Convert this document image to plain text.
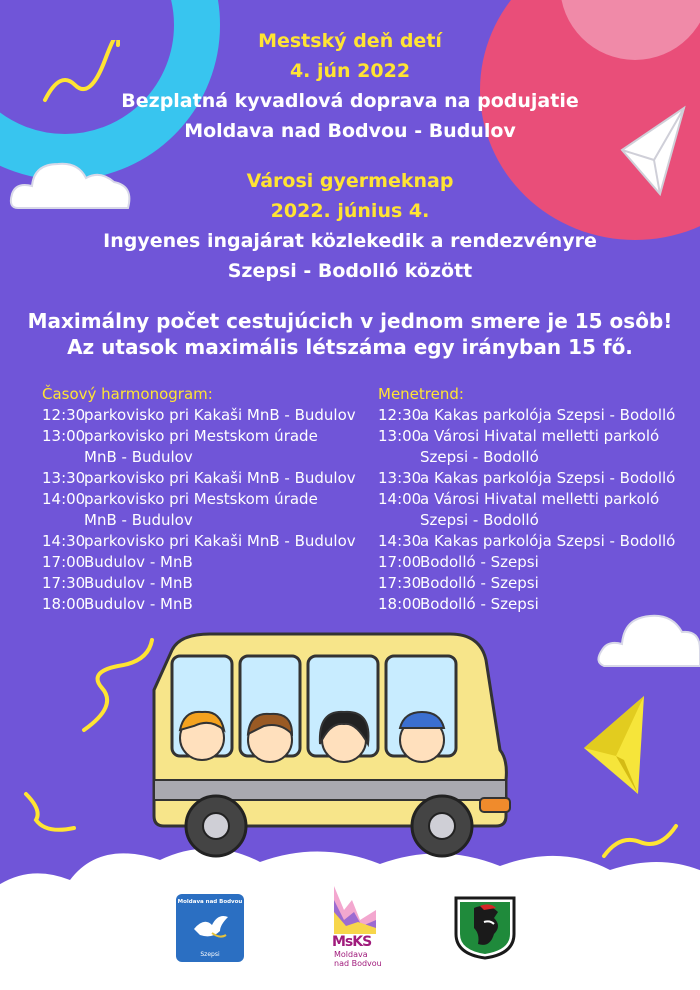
Mestský deň detí
4. jún 2022
Bezplatná kyvadlová doprava na podujatie
Moldava nad Bodvou - Budulov
Városi gyermeknap
2022. június 4.
Ingyenes ingajárat közlekedik a rendezvényre
Szepsi - Bodolló között
Maximálny počet cestujúcich v jednom smere je 15 osôb!
Az utasok maximális létszáma egy irányban 15 fő.
Časový harmonogram:
12:30
parkovisko pri Kakaši MnB - Budulov
13:00
parkovisko pri Mestskom úrade
MnB - Budulov
13:30
parkovisko pri Kakaši MnB - Budulov
14:00
parkovisko pri Mestskom úrade
MnB - Budulov
14:30
parkovisko pri Kakaši MnB - Budulov
17:00
Budulov - MnB
17:30
Budulov - MnB
18:00
Budulov - MnB
Menetrend:
12:30
a Kakas parkolója Szepsi - Bodolló
13:00
a Városi Hivatal melletti parkoló
Szepsi - Bodolló
13:30
a Kakas parkolója Szepsi - Bodolló
14:00
a Városi Hivatal melletti parkoló
Szepsi - Bodolló
14:30
a Kakas parkolója Szepsi - Bodolló
17:00
Bodolló - Szepsi
17:30
Bodolló - Szepsi
18:00
Bodolló - Szepsi
Moldava nad Bodvou
Szepsi
MsKS
Moldava
nad Bodvou
